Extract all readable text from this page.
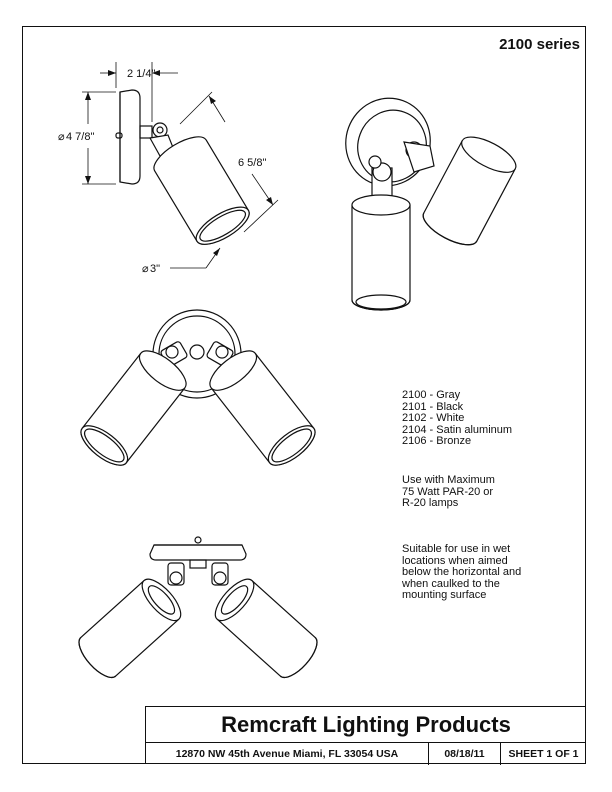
2100 series
2 1/4"
⌀ 4 7/8"
6 5/8"
⌀ 3"
2100 - Gray
2101 - Black
2102 - White
2104 - Satin aluminum
2106 - Bronze
Use with Maximum
75 Watt PAR-20 or
R-20 lamps
Suitable for use in wet
locations when aimed
below the horizontal and
when caulked to the
mounting surface
Remcraft Lighting Products
12870 NW 45th Avenue Miami, FL 33054 USA	08/18/11	SHEET 1 OF 1
